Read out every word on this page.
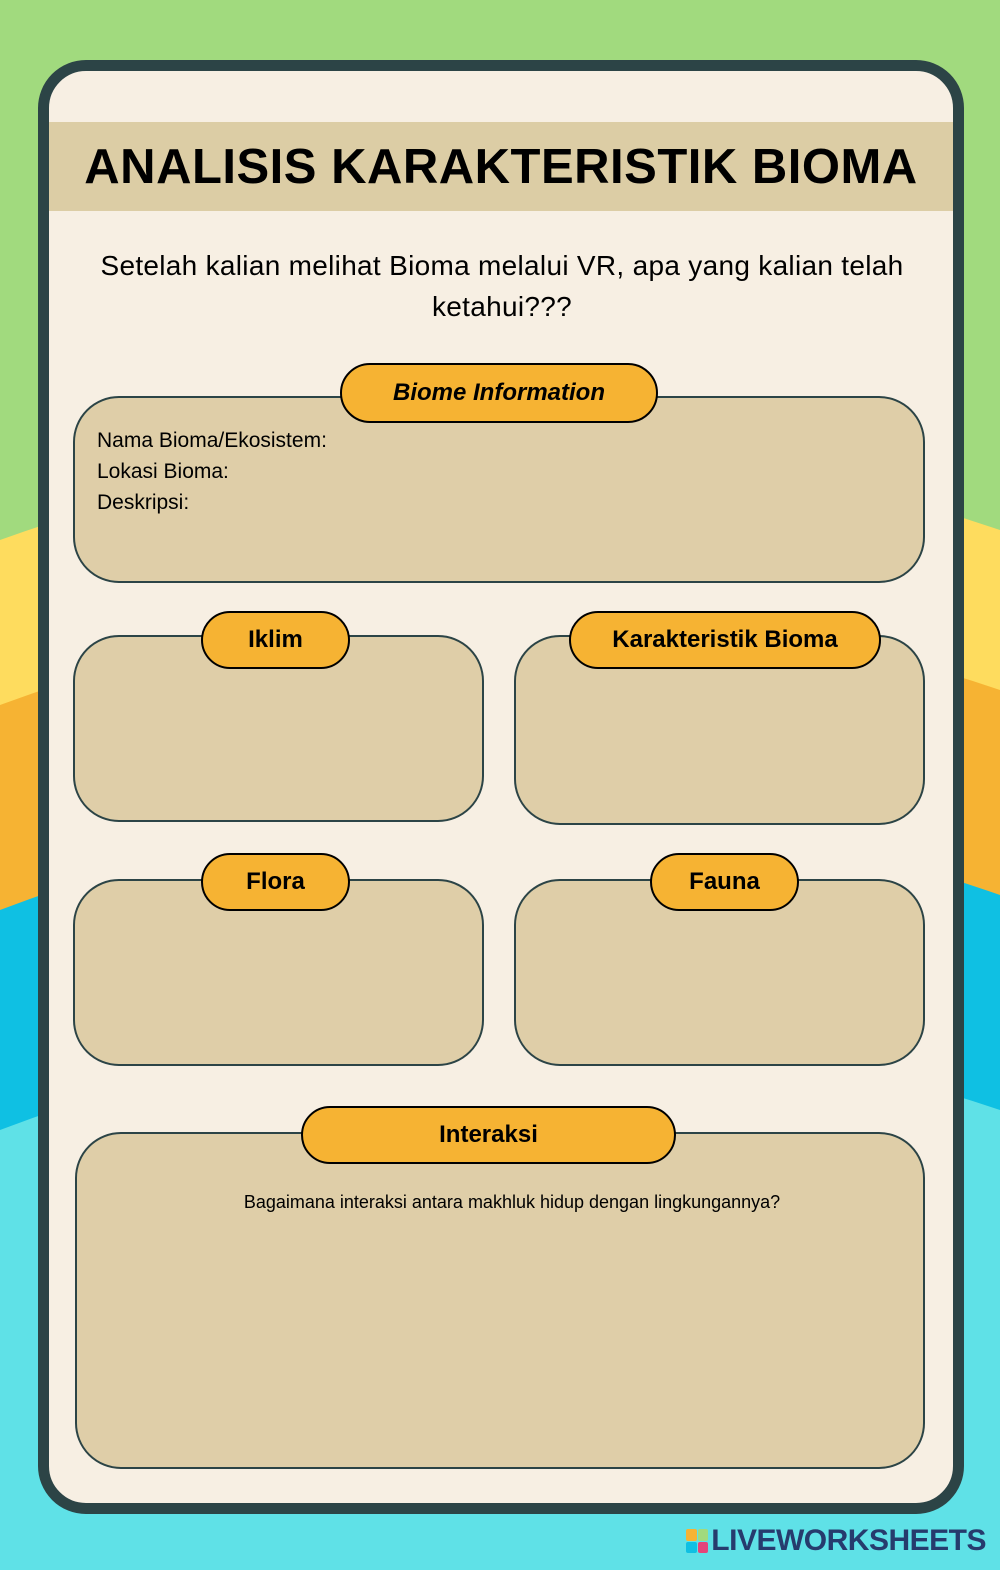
ANALISIS KARAKTERISTIK BIOMA
Setelah kalian melihat Bioma melalui VR, apa yang kalian telah ketahui???
Biome Information
Nama Bioma/Ekosistem:
Lokasi Bioma:
Deskripsi:
Iklim	Karakteristik Bioma
Flora	Fauna
Interaksi
Bagaimana interaksi antara makhluk hidup dengan lingkungannya?
LIVEWORKSHEETS
